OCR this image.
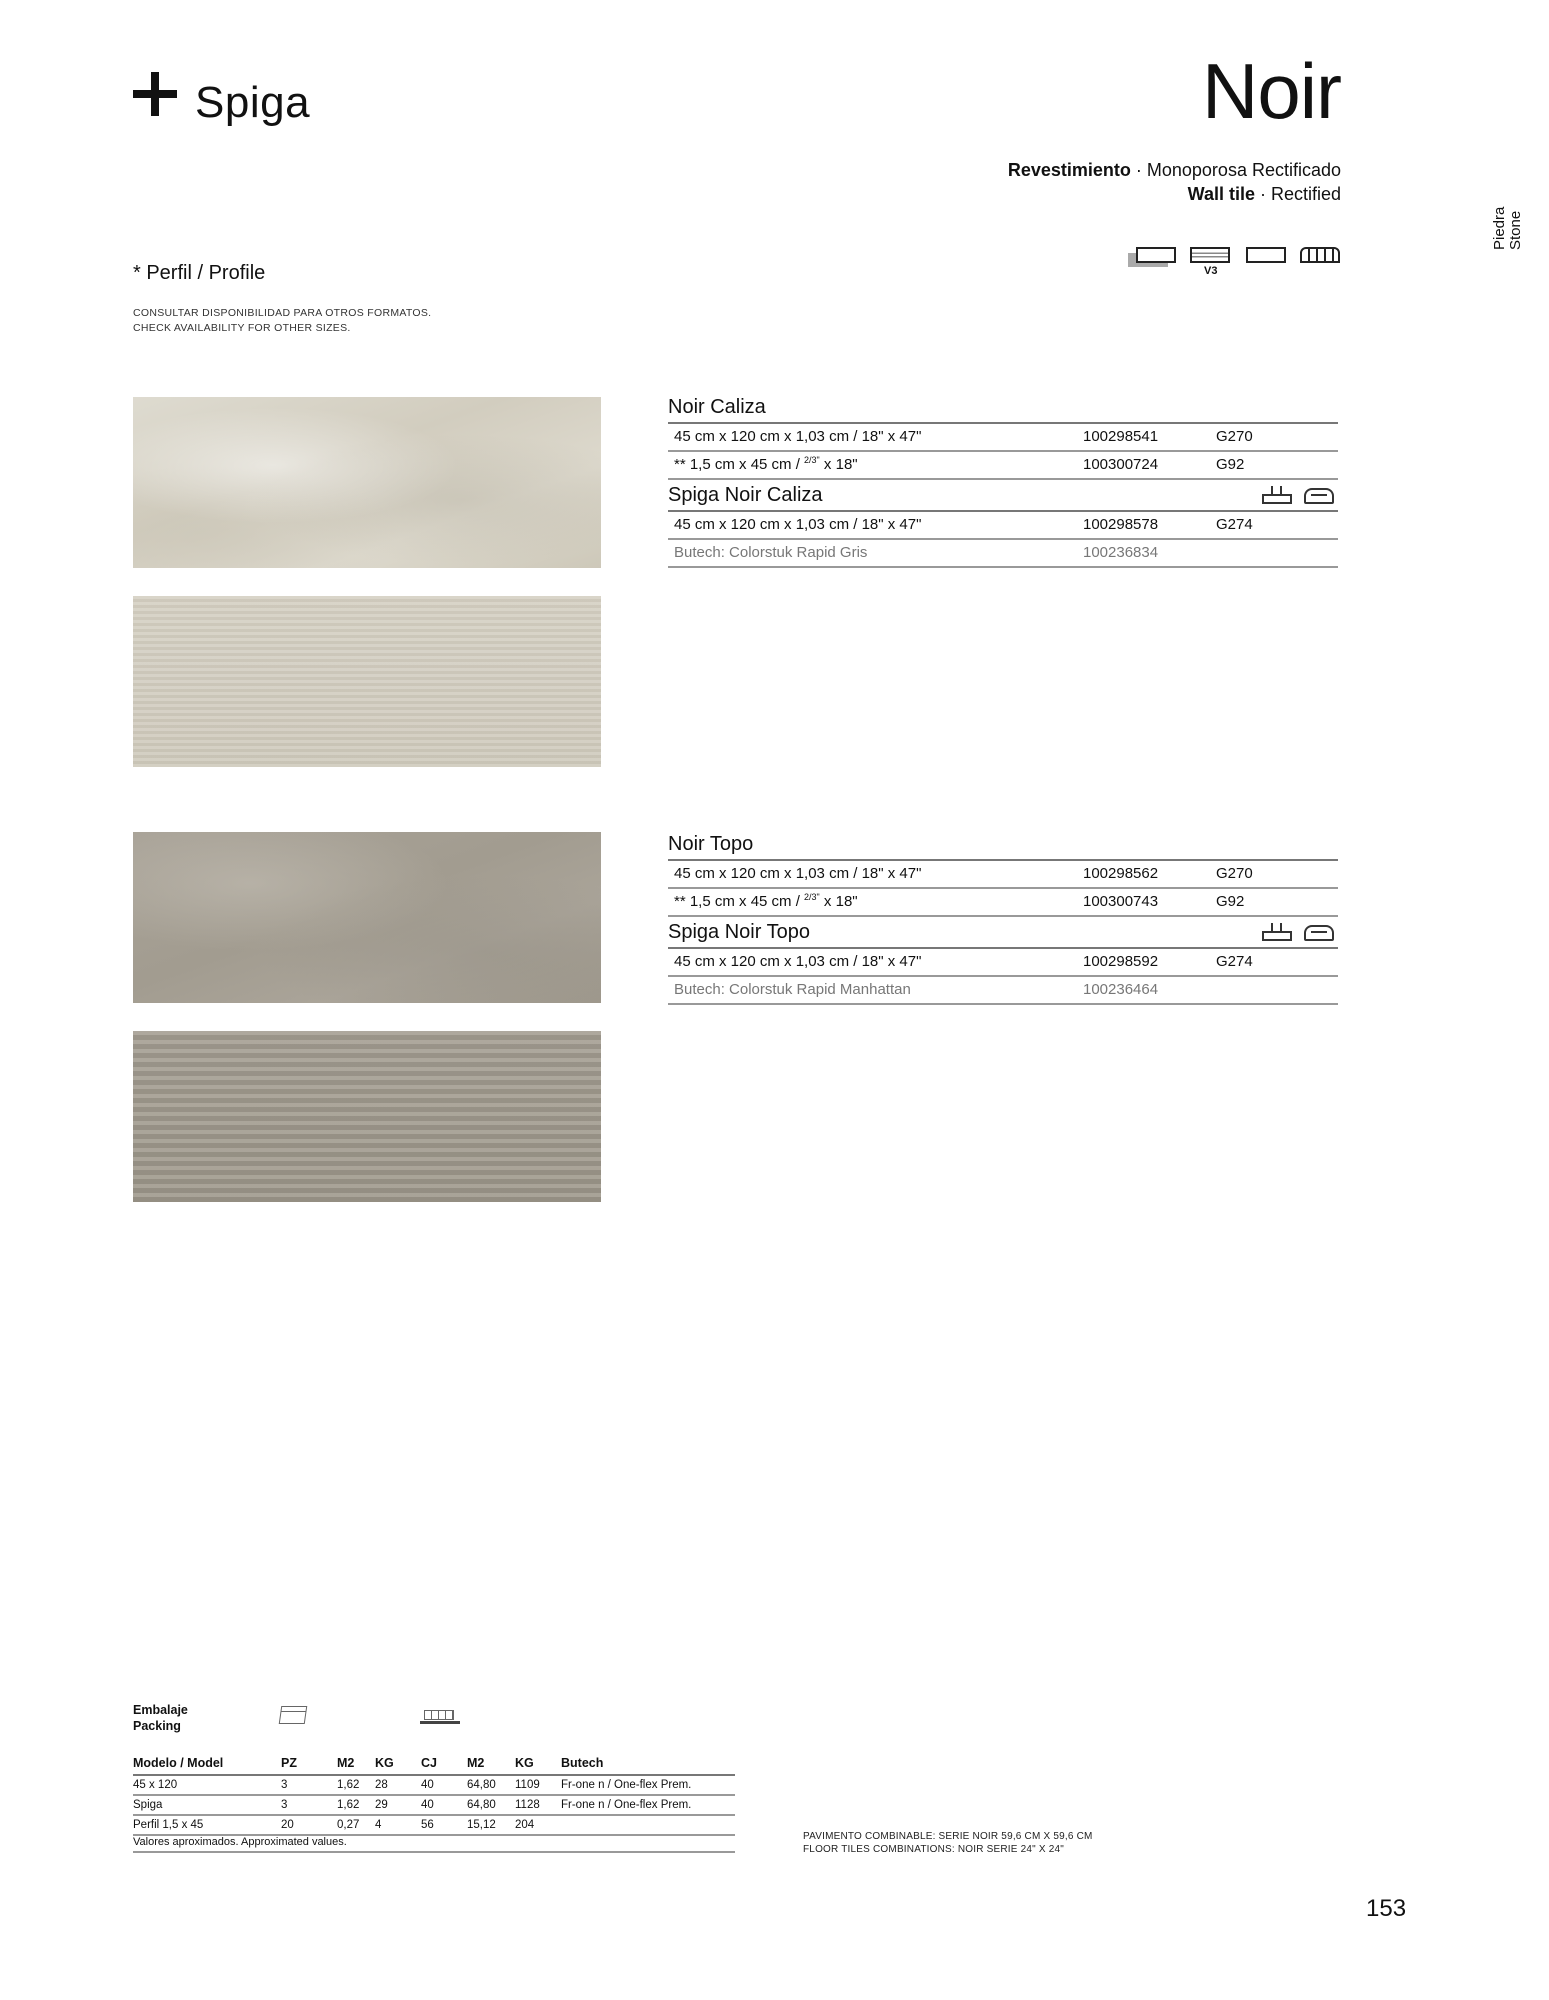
Spiga	Noir
Revestimiento · Monoporosa Rectificado
Wall tile · Rectified
Piedra Stone
V3
* Perfil / Profile
CONSULTAR DISPONIBILIDAD PARA OTROS FORMATOS.
CHECK AVAILABILITY FOR OTHER SIZES.
Noir Caliza
45 cm x 120 cm x 1,03 cm / 18" x 47"	100298541	G270
** 1,5 cm x 45 cm / $^{2/3"}$ x 18"	100300724	G92
Spiga Noir Caliza
45 cm x 120 cm x 1,03 cm / 18" x 47"	100298578	G274
Butech: Colorstuk Rapid Gris	100236834
Noir Topo
45 cm x 120 cm x 1,03 cm / 18" x 47"	100298562	G270
** 1,5 cm x 45 cm / $^{2/3"}$ x 18"	100300743	G92
Spiga Noir Topo
45 cm x 120 cm x 1,03 cm / 18" x 47"	100298592	G274
Butech: Colorstuk Rapid Manhattan	100236464
Embalaje
Packing
Modelo / Model	PZ	M2	KG	CJ	M2	KG	Butech
45 x 120	3	1,62	28	40	64,80	1109	Fr-one n / One-flex Prem.
Spiga	3	1,62	29	40	64,80	1128	Fr-one n / One-flex Prem.
Perfil 1,5 x 45	20	0,27	4	56	15,12	204	
Valores aproximados. Approximated values.	PAVIMENTO COMBINABLE: SERIE NOIR 59,6 CM X 59,6 CM
FLOOR TILES COMBINATIONS: NOIR SERIE 24" X 24"
153
